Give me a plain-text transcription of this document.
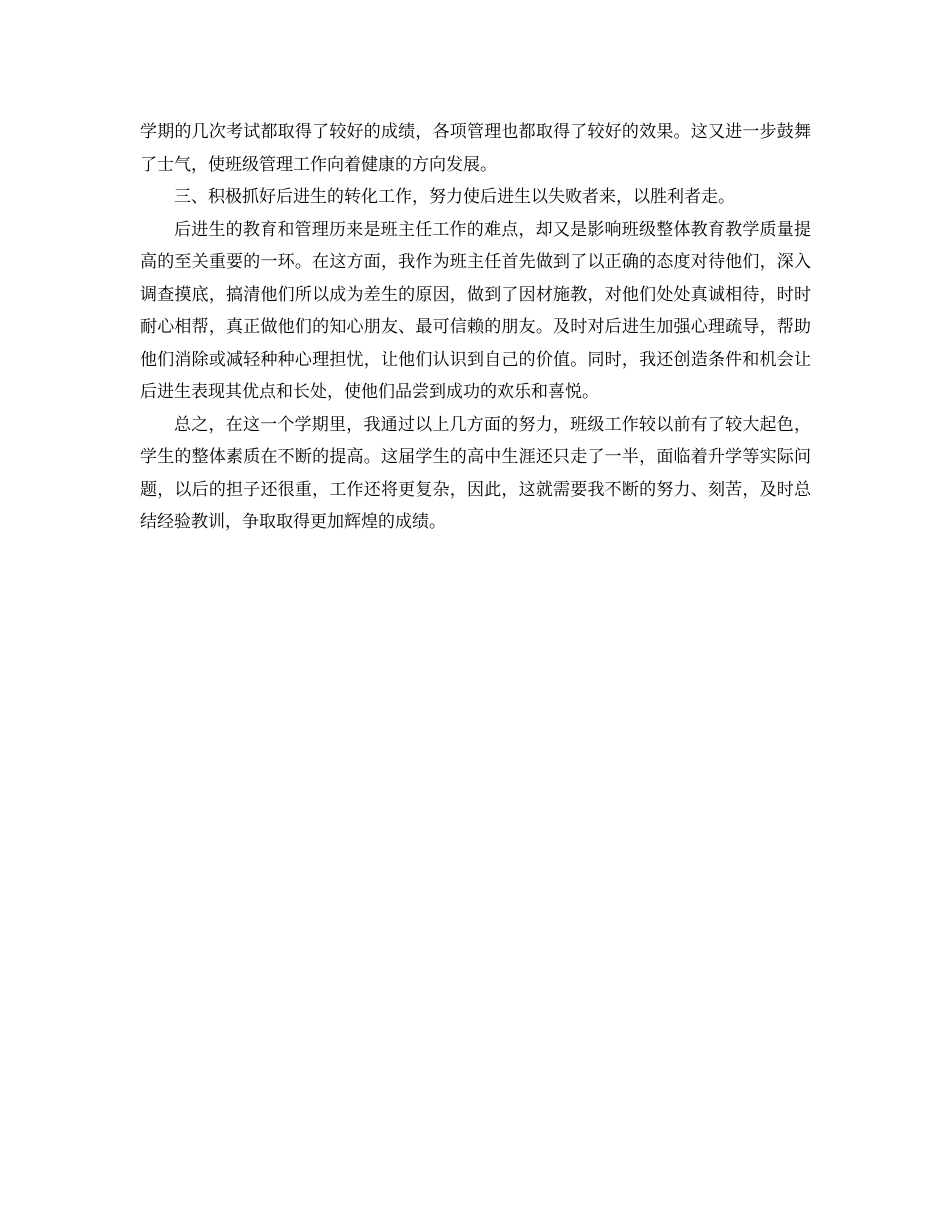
学期的几次考试都取得了较好的成绩，各项管理也都取得了较好的效果。这又进一步鼓舞了士气，使班级管理工作向着健康的方向发展。

三、积极抓好后进生的转化工作，努力使后进生以失败者来，以胜利者走。

后进生的教育和管理历来是班主任工作的难点，却又是影响班级整体教育教学质量提高的至关重要的一环。在这方面，我作为班主任首先做到了以正确的态度对待他们，深入调查摸底，搞清他们所以成为差生的原因，做到了因材施教，对他们处处真诚相待，时时耐心相帮，真正做他们的知心朋友、最可信赖的朋友。及时对后进生加强心理疏导，帮助他们消除或减轻种种心理担忧，让他们认识到自己的价值。同时，我还创造条件和机会让后进生表现其优点和长处，使他们品尝到成功的欢乐和喜悦。

总之，在这一个学期里，我通过以上几方面的努力，班级工作较以前有了较大起色，学生的整体素质在不断的提高。这届学生的高中生涯还只走了一半，面临着升学等实际问题，以后的担子还很重，工作还将更复杂，因此，这就需要我不断的努力、刻苦，及时总结经验教训，争取取得更加辉煌的成绩。
